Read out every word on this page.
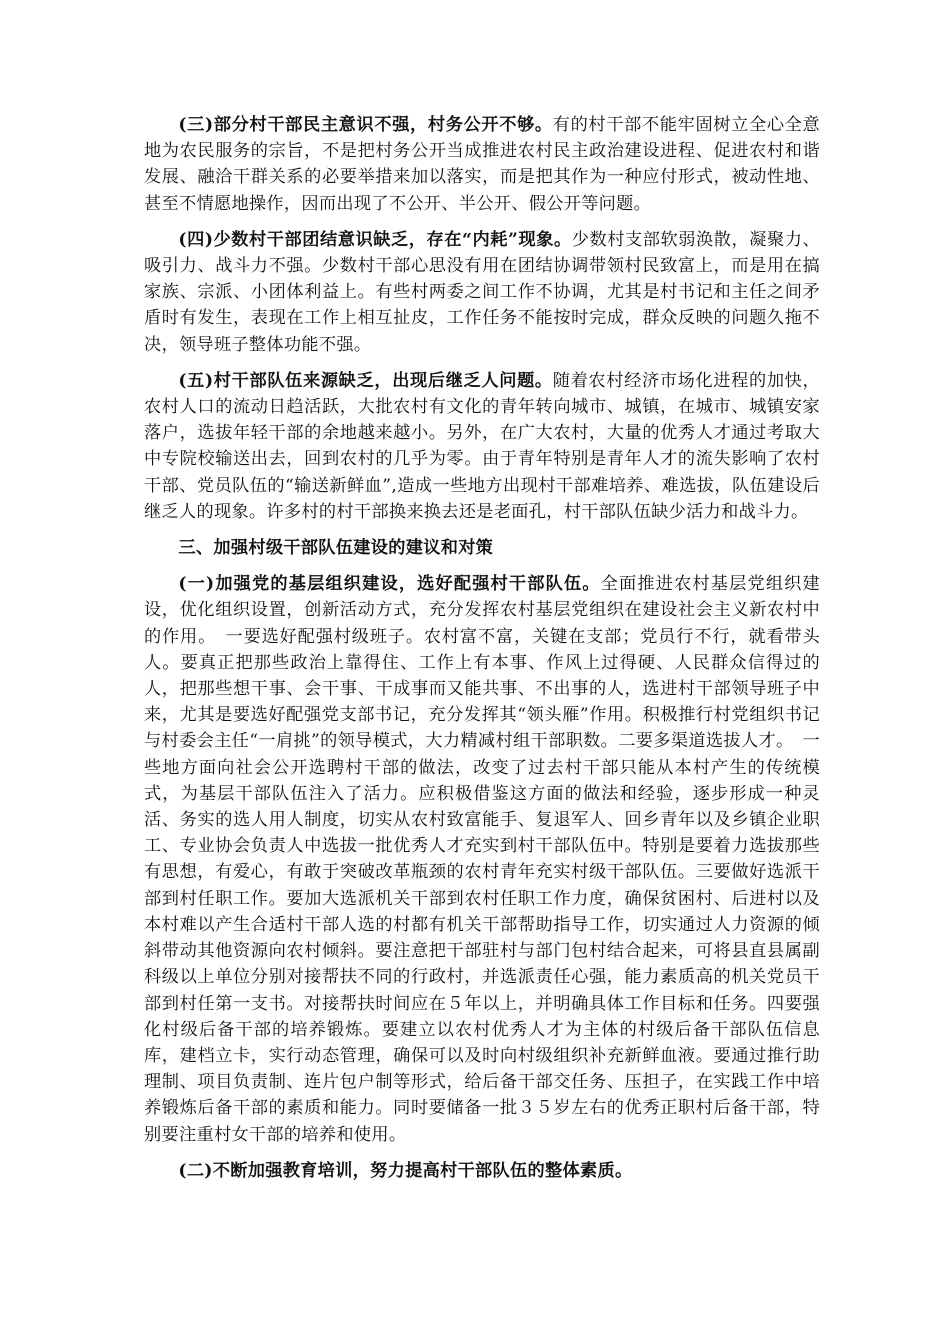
(三)部分村干部民主意识不强，村务公开不够。有的村干部不能牢固树立全心全意地为农民服务的宗旨，不是把村务公开当成推进农村民主政治建设进程、促进农村和谐发展、融洽干群关系的必要举措来加以落实，而是把其作为一种应付形式，被动性地、甚至不情愿地操作，因而出现了不公开、半公开、假公开等问题。

(四)少数村干部团结意识缺乏，存在“内耗”现象。少数村支部软弱涣散，凝聚力、吸引力、战斗力不强。少数村干部心思没有用在团结协调带领村民致富上，而是用在搞家族、宗派、小团体利益上。有些村两委之间工作不协调，尤其是村书记和主任之间矛盾时有发生，表现在工作上相互扯皮，工作任务不能按时完成，群众反映的问题久拖不决，领导班子整体功能不强。

(五)村干部队伍来源缺乏，出现后继乏人问题。随着农村经济市场化进程的加快，农村人口的流动日趋活跃，大批农村有文化的青年转向城市、城镇，在城市、城镇安家落户，选拔年轻干部的余地越来越小。另外，在广大农村，大量的优秀人才通过考取大中专院校输送出去，回到农村的几乎为零。由于青年特别是青年人才的流失影响了农村干部、党员队伍的“输送新鲜血”,造成一些地方出现村干部难培养、难选拔，队伍建设后继乏人的现象。许多村的村干部换来换去还是老面孔，村干部队伍缺少活力和战斗力。

三、加强村级干部队伍建设的建议和对策

(一)加强党的基层组织建设，选好配强村干部队伍。全面推进农村基层党组织建设，优化组织设置，创新活动方式，充分发挥农村基层党组织在建设社会主义新农村中的作用。　一要选好配强村级班子。农村富不富，关键在支部；党员行不行，就看带头人。要真正把那些政治上靠得住、工作上有本事、作风上过得硬、人民群众信得过的人，把那些想干事、会干事、干成事而又能共事、不出事的人，选进村干部领导班子中来，尤其是要选好配强党支部书记，充分发挥其“领头雁”作用。积极推行村党组织书记与村委会主任“一肩挑”的领导模式，大力精减村组干部职数。二要多渠道选拔人才。　一些地方面向社会公开选聘村干部的做法，改变了过去村干部只能从本村产生的传统模式，为基层干部队伍注入了活力。应积极借鉴这方面的做法和经验，逐步形成一种灵活、务实的选人用人制度，切实从农村致富能手、复退军人、回乡青年以及乡镇企业职工、专业协会负责人中选拔一批优秀人才充实到村干部队伍中。特别是要着力选拔那些有思想，有爱心，有敢于突破改革瓶颈的农村青年充实村级干部队伍。三要做好选派干部到村任职工作。要加大选派机关干部到农村任职工作力度，确保贫困村、后进村以及本村难以产生合适村干部人选的村都有机关干部帮助指导工作，切实通过人力资源的倾斜带动其他资源向农村倾斜。要注意把干部驻村与部门包村结合起来，可将县直县属副科级以上单位分别对接帮扶不同的行政村，并选派责任心强，能力素质高的机关党员干部到村任第一支书。对接帮扶时间应在５年以上，并明确具体工作目标和任务。四要强化村级后备干部的培养锻炼。要建立以农村优秀人才为主体的村级后备干部队伍信息库，建档立卡，实行动态管理，确保可以及时向村级组织补充新鲜血液。要通过推行助理制、项目负责制、连片包户制等形式，给后备干部交任务、压担子，在实践工作中培养锻炼后备干部的素质和能力。同时要储备一批３５岁左右的优秀正职村后备干部，特别要注重村女干部的培养和使用。

(二)不断加强教育培训，努力提高村干部队伍的整体素质。
